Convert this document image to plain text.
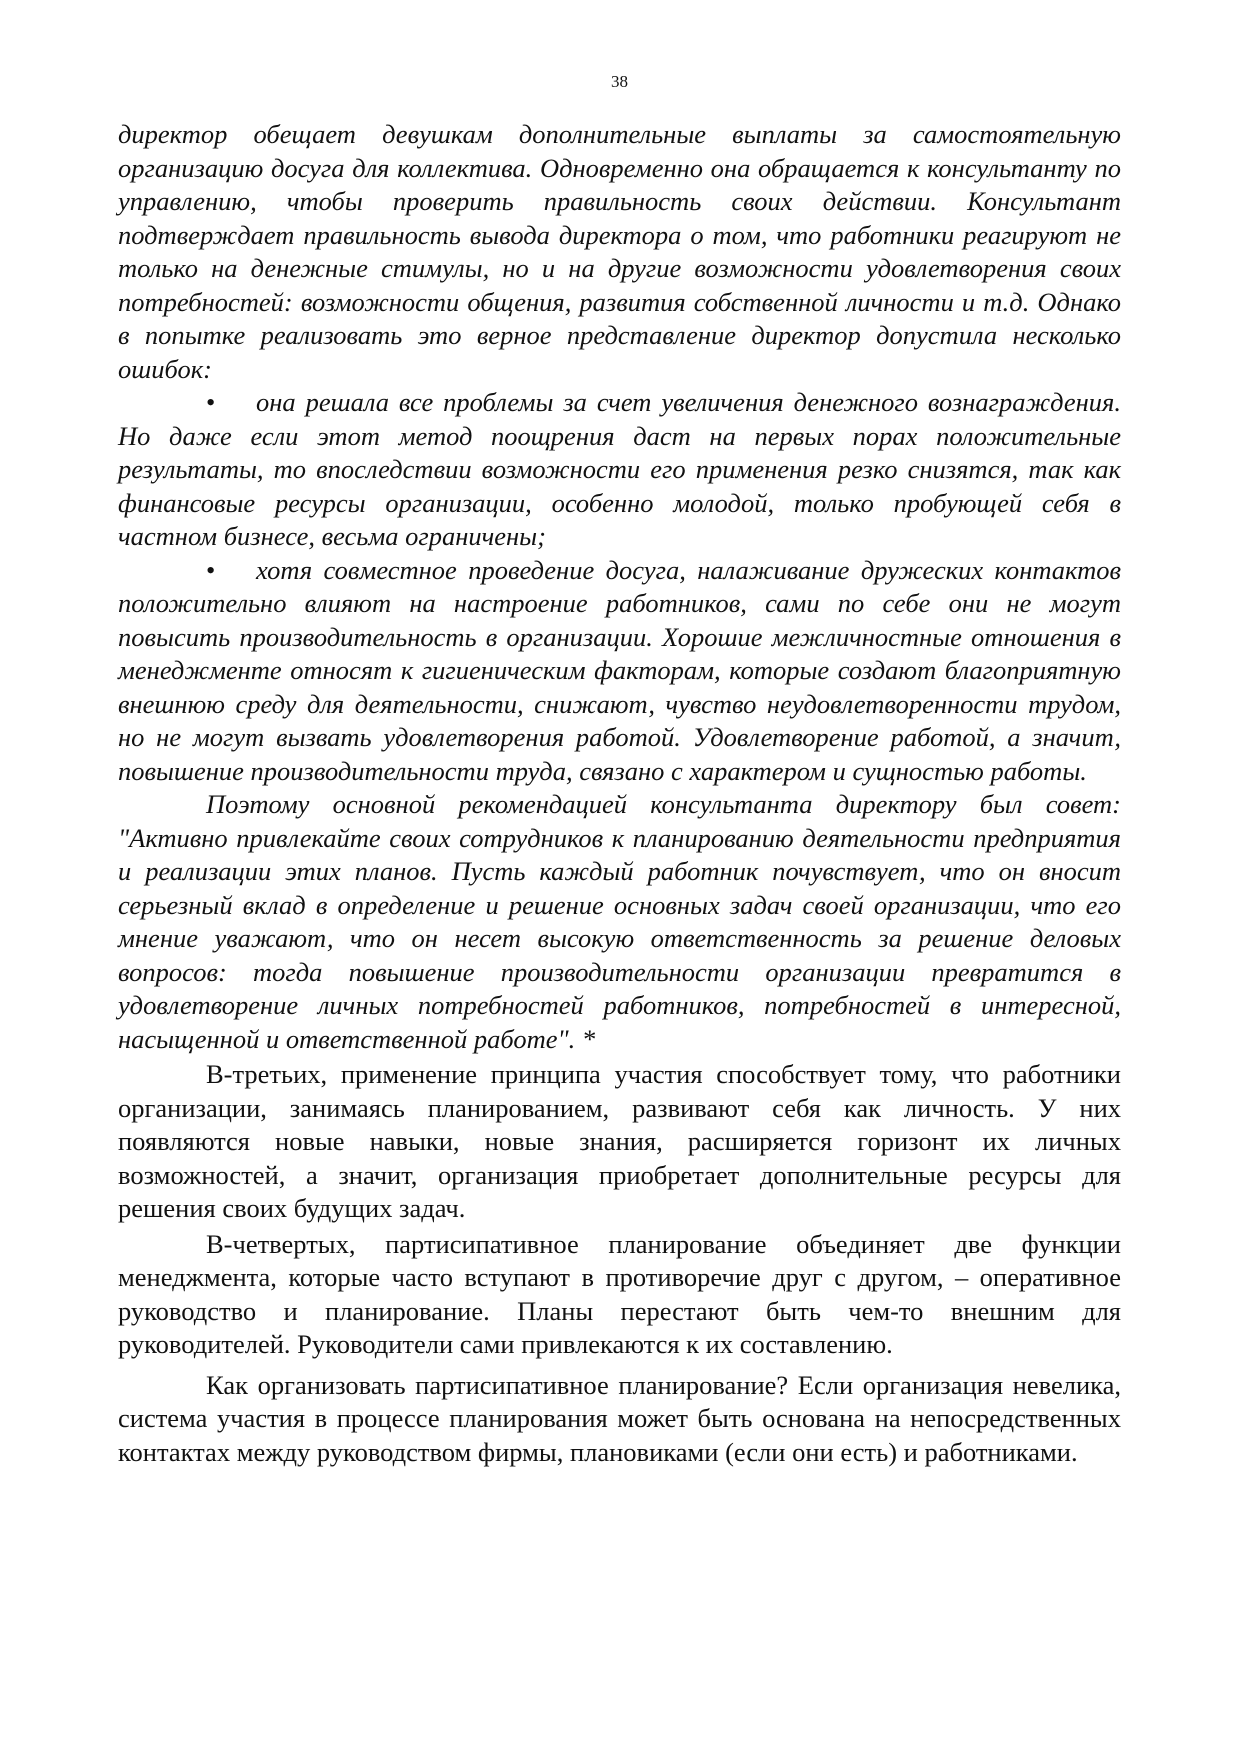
38

директор обещает девушкам дополнительные выплаты за самостоятельную организацию досуга для коллектива. Одновременно она обращается к консультанту по управлению, чтобы проверить правильность своих действии. Консультант подтверждает правильность вывода директора о том, что работники реагируют не только на денежные стимулы, но и на другие возможности удовлетворения своих потребностей: возможности общения, развития собственной личности и т.д. Однако в попытке реализовать это верное представление директор допустила несколько ошибок:

• она решала все проблемы за счет увеличения денежного вознаграждения. Но даже если этот метод поощрения даст на первых порах положительные результаты, то впоследствии возможности его применения резко снизятся, так как финансовые ресурсы организации, особенно молодой, только пробующей себя в частном бизнесе, весьма ограничены;

• хотя совместное проведение досуга, налаживание дружеских контактов положительно влияют на настроение работников, сами по себе они не могут повысить производительность в организации. Хорошие межличностные отношения в менеджменте относят к гигиеническим факторам, которые создают благоприятную внешнюю среду для деятельности, снижают, чувство неудовлетворенности трудом, но не могут вызвать удовлетворения работой. Удовлетворение работой, а значит, повышение производительности труда, связано с характером и сущностью работы.

Поэтому основной рекомендацией консультанта директору был совет: "Активно привлекайте своих сотрудников к планированию деятельности предприятия и реализации этих планов. Пусть каждый работник почувствует, что он вносит серьезный вклад в определение и решение основных задач своей организации, что его мнение уважают, что он несет высокую ответственность за решение деловых вопросов: тогда повышение производительности организации превратится в удовлетворение личных потребностей работников, потребностей в интересной, насыщенной и ответственной работе". *

В-третьих, применение принципа участия способствует тому, что работники организации, занимаясь планированием, развивают себя как личность. У них появляются новые навыки, новые знания, расширяется горизонт их личных возможностей, а значит, организация приобретает дополнительные ресурсы для решения своих будущих задач.

В-четвертых, партисипативное планирование объединяет две функции менеджмента, которые часто вступают в противоречие друг с другом, – оперативное руководство и планирование. Планы перестают быть чем-то внешним для руководителей. Руководители сами привлекаются к их составлению.

Как организовать партисипативное планирование? Если организация невелика, система участия в процессе планирования может быть основана на непосредственных контактах между руководством фирмы, плановиками (если они есть) и работниками.
